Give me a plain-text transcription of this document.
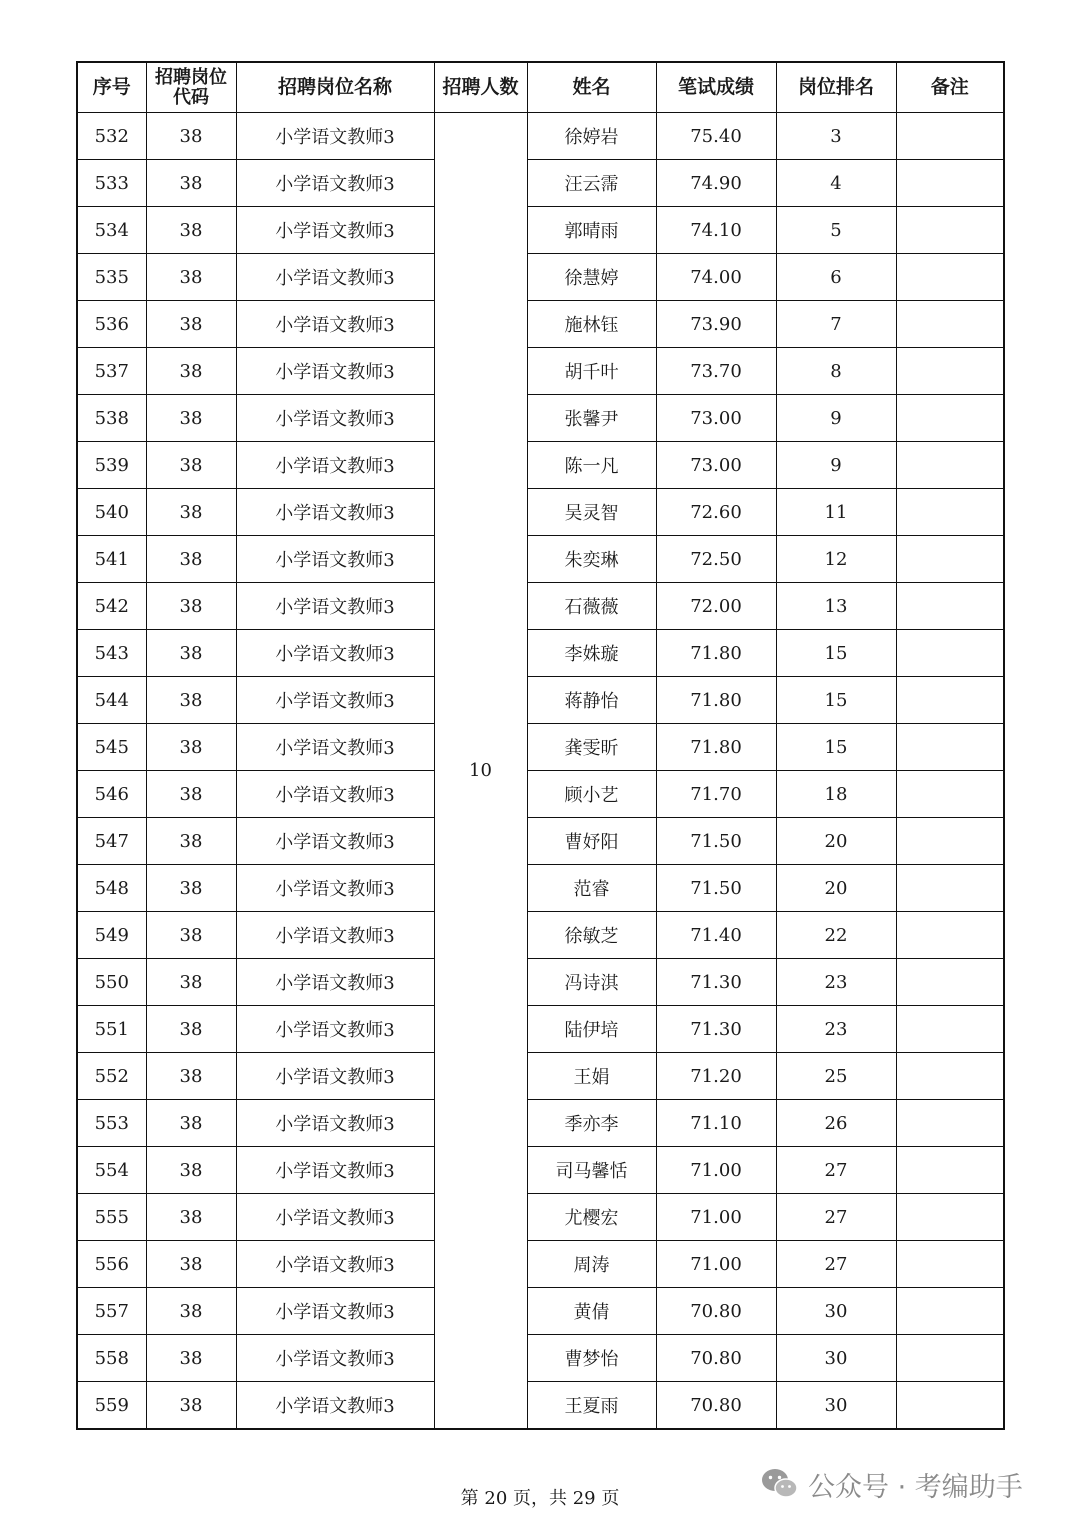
序号	招聘岗位代码	招聘岗位名称	招聘人数	姓名	笔试成绩	岗位排名	备注
532	38	小学语文教师3	10	徐婷岩	75.40	3	
533	38	小学语文教师3		汪云霈	74.90	4	
534	38	小学语文教师3		郭晴雨	74.10	5	
535	38	小学语文教师3		徐慧婷	74.00	6	
536	38	小学语文教师3		施林钰	73.90	7	
537	38	小学语文教师3		胡千叶	73.70	8	
538	38	小学语文教师3		张馨尹	73.00	9	
539	38	小学语文教师3		陈一凡	73.00	9	
540	38	小学语文教师3		吴灵智	72.60	11	
541	38	小学语文教师3		朱奕琳	72.50	12	
542	38	小学语文教师3		石薇薇	72.00	13	
543	38	小学语文教师3		李姝璇	71.80	15	
544	38	小学语文教师3		蒋静怡	71.80	15	
545	38	小学语文教师3		龚雯昕	71.80	15	
546	38	小学语文教师3		顾小艺	71.70	18	
547	38	小学语文教师3		曹妤阳	71.50	20	
548	38	小学语文教师3		范睿	71.50	20	
549	38	小学语文教师3		徐敏芝	71.40	22	
550	38	小学语文教师3		冯诗淇	71.30	23	
551	38	小学语文教师3		陆伊培	71.30	23	
552	38	小学语文教师3		王娟	71.20	25	
553	38	小学语文教师3		季亦李	71.10	26	
554	38	小学语文教师3		司马馨恬	71.00	27	
555	38	小学语文教师3		尤樱宏	71.00	27	
556	38	小学语文教师3		周涛	71.00	27	
557	38	小学语文教师3		黄倩	70.80	30	
558	38	小学语文教师3		曹梦怡	70.80	30	
559	38	小学语文教师3		王夏雨	70.80	30	
第 20 页，共 29 页	公众号 · 考编助手
